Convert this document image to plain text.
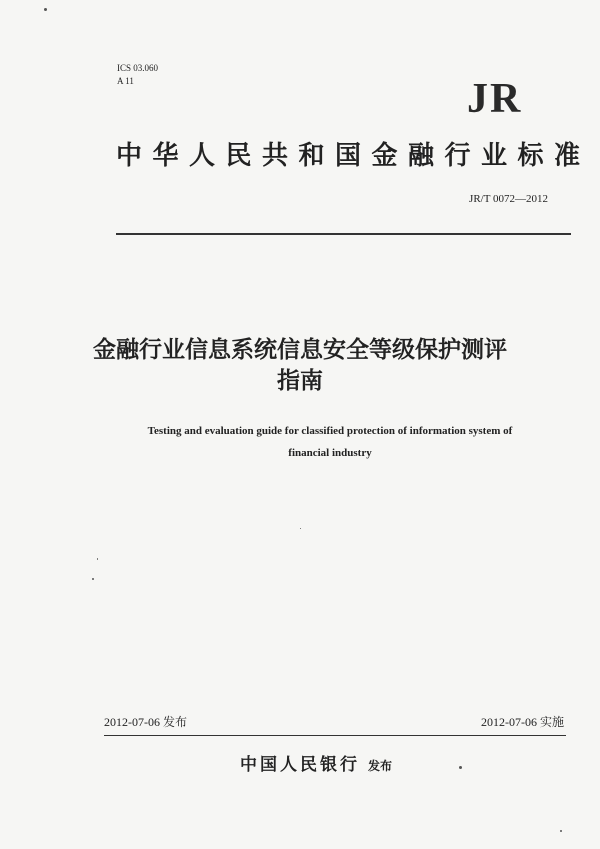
ICS 03.060
A 11	JR
中华人民共和国金融行业标准
JR/T 0072—2012
金融行业信息系统信息安全等级保护测评
指南
Testing and evaluation guide for classified protection of information system of
financial industry
2012-07-06 发布	2012-07-06 实施
中国人民银行 发布
